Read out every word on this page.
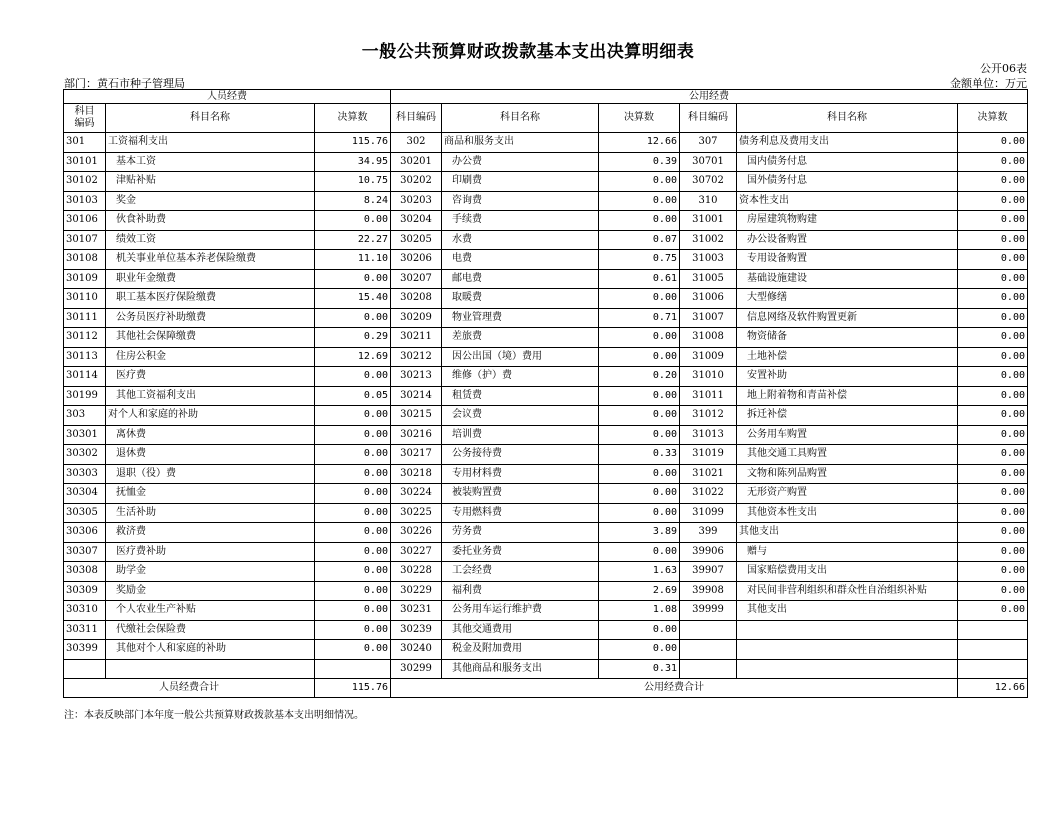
一般公共预算财政拨款基本支出决算明细表
公开06表
部门：黄石市种子管理局	金额单位：万元
人员经费			公用经费					
科目编码	科目名称	决算数	科目编码	科目名称	决算数	科目编码	科目名称	决算数
301	工资福利支出	115.76	302	商品和服务支出	12.66	307	债务利息及费用支出	0.00
30101	基本工资	34.95	30201	办公费	0.39	30701	国内债务付息	0.00
30102	津贴补贴	10.75	30202	印刷费	0.00	30702	国外债务付息	0.00
30103	奖金	8.24	30203	咨询费	0.00	310	资本性支出	0.00
30106	伙食补助费	0.00	30204	手续费	0.00	31001	房屋建筑物购建	0.00
30107	绩效工资	22.27	30205	水费	0.07	31002	办公设备购置	0.00
30108	机关事业单位基本养老保险缴费	11.10	30206	电费	0.75	31003	专用设备购置	0.00
30109	职业年金缴费	0.00	30207	邮电费	0.61	31005	基础设施建设	0.00
30110	职工基本医疗保险缴费	15.40	30208	取暖费	0.00	31006	大型修缮	0.00
30111	公务员医疗补助缴费	0.00	30209	物业管理费	0.71	31007	信息网络及软件购置更新	0.00
30112	其他社会保障缴费	0.29	30211	差旅费	0.00	31008	物资储备	0.00
30113	住房公积金	12.69	30212	因公出国（境）费用	0.00	31009	土地补偿	0.00
30114	医疗费	0.00	30213	维修（护）费	0.20	31010	安置补助	0.00
30199	其他工资福利支出	0.05	30214	租赁费	0.00	31011	地上附着物和青苗补偿	0.00
303	对个人和家庭的补助	0.00	30215	会议费	0.00	31012	拆迁补偿	0.00
30301	离休费	0.00	30216	培训费	0.00	31013	公务用车购置	0.00
30302	退休费	0.00	30217	公务接待费	0.33	31019	其他交通工具购置	0.00
30303	退职（役）费	0.00	30218	专用材料费	0.00	31021	文物和陈列品购置	0.00
30304	抚恤金	0.00	30224	被装购置费	0.00	31022	无形资产购置	0.00
30305	生活补助	0.00	30225	专用燃料费	0.00	31099	其他资本性支出	0.00
30306	救济费	0.00	30226	劳务费	3.89	399	其他支出	0.00
30307	医疗费补助	0.00	30227	委托业务费	0.00	39906	赠与	0.00
30308	助学金	0.00	30228	工会经费	1.63	39907	国家赔偿费用支出	0.00
30309	奖励金	0.00	30229	福利费	2.69	39908	对民间非营利组织和群众性自治组织补贴	0.00
30310	个人农业生产补贴	0.00	30231	公务用车运行维护费	1.08	39999	其他支出	0.00
30311	代缴社会保险费	0.00	30239	其他交通费用	0.00			
30399	其他对个人和家庭的补助	0.00	30240	税金及附加费用	0.00			
			30299	其他商品和服务支出	0.31			
人员经费合计		115.76	公用经费合计					12.66
注：本表反映部门本年度一般公共预算财政拨款基本支出明细情况。
